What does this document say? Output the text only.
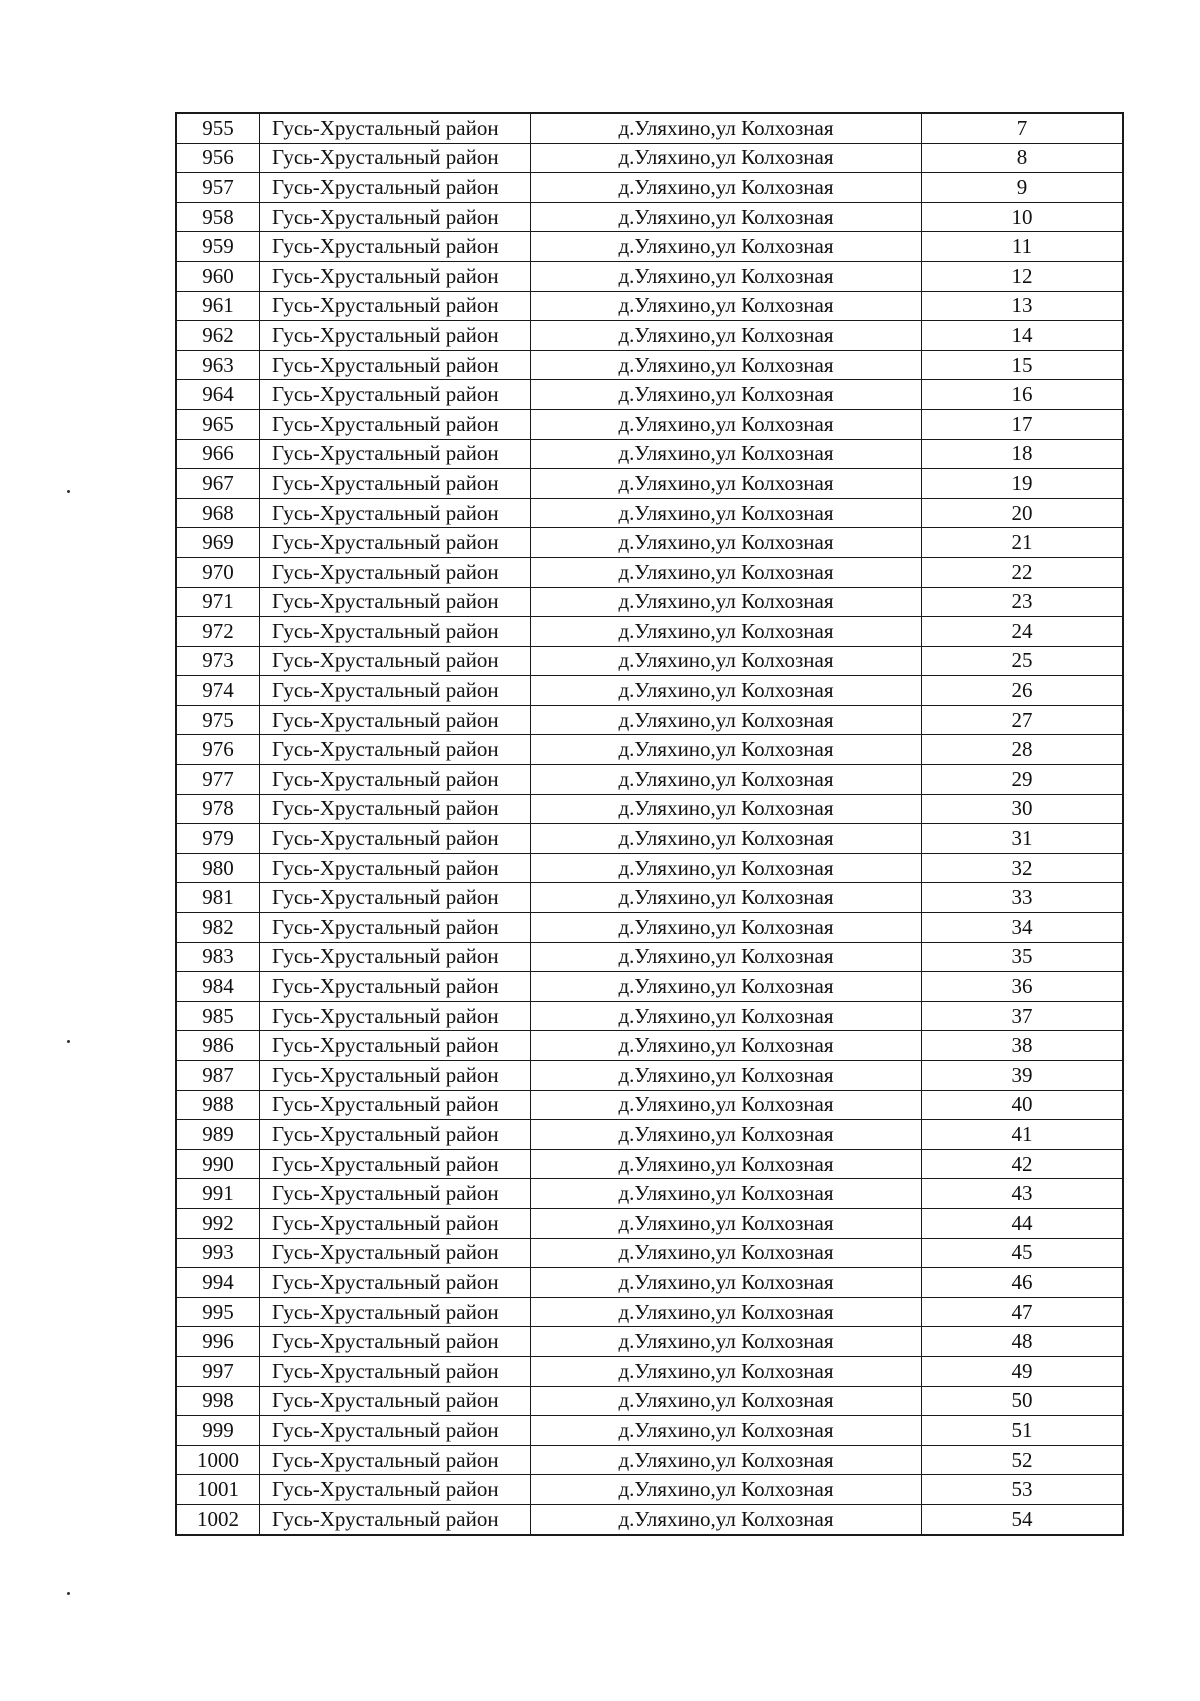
955	Гусь-Хрустальный район	д.Уляхино,ул Колхозная	7
956	Гусь-Хрустальный район	д.Уляхино,ул Колхозная	8
957	Гусь-Хрустальный район	д.Уляхино,ул Колхозная	9
958	Гусь-Хрустальный район	д.Уляхино,ул Колхозная	10
959	Гусь-Хрустальный район	д.Уляхино,ул Колхозная	11
960	Гусь-Хрустальный район	д.Уляхино,ул Колхозная	12
961	Гусь-Хрустальный район	д.Уляхино,ул Колхозная	13
962	Гусь-Хрустальный район	д.Уляхино,ул Колхозная	14
963	Гусь-Хрустальный район	д.Уляхино,ул Колхозная	15
964	Гусь-Хрустальный район	д.Уляхино,ул Колхозная	16
965	Гусь-Хрустальный район	д.Уляхино,ул Колхозная	17
966	Гусь-Хрустальный район	д.Уляхино,ул Колхозная	18
967	Гусь-Хрустальный район	д.Уляхино,ул Колхозная	19
968	Гусь-Хрустальный район	д.Уляхино,ул Колхозная	20
969	Гусь-Хрустальный район	д.Уляхино,ул Колхозная	21
970	Гусь-Хрустальный район	д.Уляхино,ул Колхозная	22
971	Гусь-Хрустальный район	д.Уляхино,ул Колхозная	23
972	Гусь-Хрустальный район	д.Уляхино,ул Колхозная	24
973	Гусь-Хрустальный район	д.Уляхино,ул Колхозная	25
974	Гусь-Хрустальный район	д.Уляхино,ул Колхозная	26
975	Гусь-Хрустальный район	д.Уляхино,ул Колхозная	27
976	Гусь-Хрустальный район	д.Уляхино,ул Колхозная	28
977	Гусь-Хрустальный район	д.Уляхино,ул Колхозная	29
978	Гусь-Хрустальный район	д.Уляхино,ул Колхозная	30
979	Гусь-Хрустальный район	д.Уляхино,ул Колхозная	31
980	Гусь-Хрустальный район	д.Уляхино,ул Колхозная	32
981	Гусь-Хрустальный район	д.Уляхино,ул Колхозная	33
982	Гусь-Хрустальный район	д.Уляхино,ул Колхозная	34
983	Гусь-Хрустальный район	д.Уляхино,ул Колхозная	35
984	Гусь-Хрустальный район	д.Уляхино,ул Колхозная	36
985	Гусь-Хрустальный район	д.Уляхино,ул Колхозная	37
986	Гусь-Хрустальный район	д.Уляхино,ул Колхозная	38
987	Гусь-Хрустальный район	д.Уляхино,ул Колхозная	39
988	Гусь-Хрустальный район	д.Уляхино,ул Колхозная	40
989	Гусь-Хрустальный район	д.Уляхино,ул Колхозная	41
990	Гусь-Хрустальный район	д.Уляхино,ул Колхозная	42
991	Гусь-Хрустальный район	д.Уляхино,ул Колхозная	43
992	Гусь-Хрустальный район	д.Уляхино,ул Колхозная	44
993	Гусь-Хрустальный район	д.Уляхино,ул Колхозная	45
994	Гусь-Хрустальный район	д.Уляхино,ул Колхозная	46
995	Гусь-Хрустальный район	д.Уляхино,ул Колхозная	47
996	Гусь-Хрустальный район	д.Уляхино,ул Колхозная	48
997	Гусь-Хрустальный район	д.Уляхино,ул Колхозная	49
998	Гусь-Хрустальный район	д.Уляхино,ул Колхозная	50
999	Гусь-Хрустальный район	д.Уляхино,ул Колхозная	51
1000	Гусь-Хрустальный район	д.Уляхино,ул Колхозная	52
1001	Гусь-Хрустальный район	д.Уляхино,ул Колхозная	53
1002	Гусь-Хрустальный район	д.Уляхино,ул Колхозная	54
